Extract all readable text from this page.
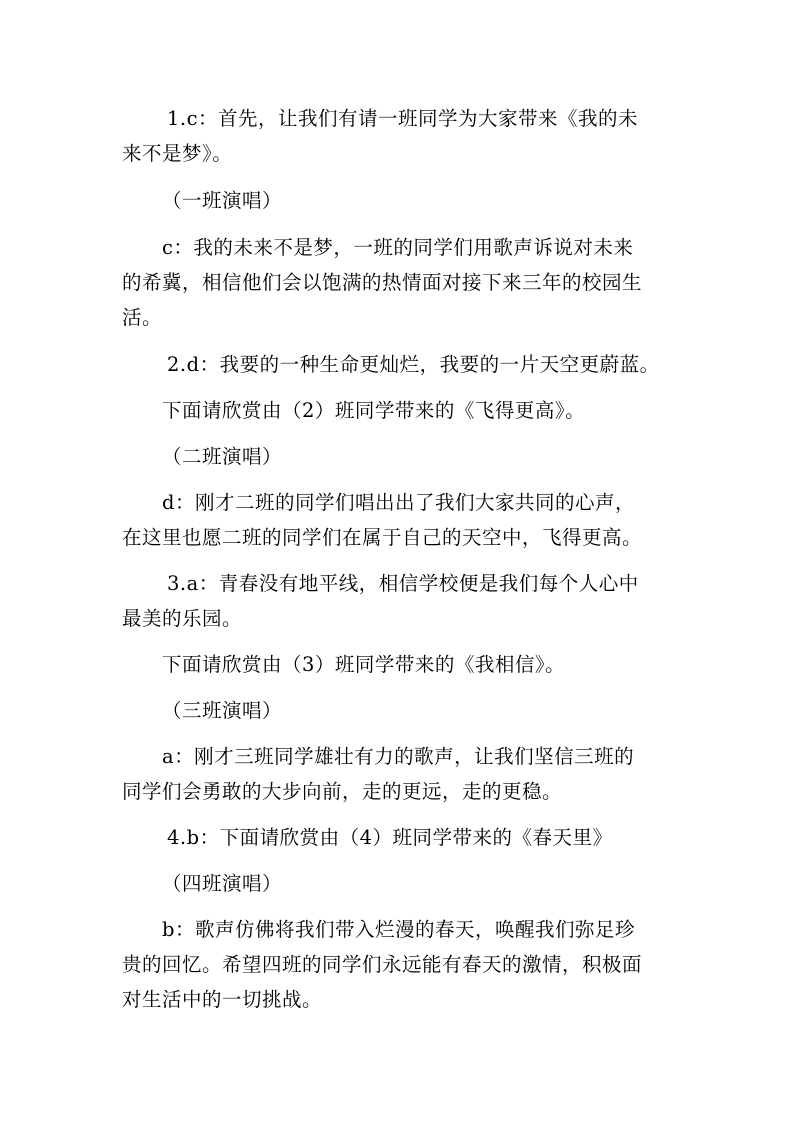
1.c：首先，让我们有请一班同学为大家带来《我的未
来不是梦》。

（一班演唱）

c：我的未来不是梦，一班的同学们用歌声诉说对未来
的希冀，相信他们会以饱满的热情面对接下来三年的校园生
活。

2.d：我要的一种生命更灿烂，我要的一片天空更蔚蓝。

下面请欣赏由（2）班同学带来的《飞得更高》。

（二班演唱）

d：刚才二班的同学们唱出出了我们大家共同的心声，
在这里也愿二班的同学们在属于自己的天空中，飞得更高。

3.a：青春没有地平线，相信学校便是我们每个人心中
最美的乐园。

下面请欣赏由（3）班同学带来的《我相信》。

（三班演唱）

a：刚才三班同学雄壮有力的歌声，让我们坚信三班的
同学们会勇敢的大步向前，走的更远，走的更稳。

4.b：下面请欣赏由（4）班同学带来的《春天里》

（四班演唱）

b：歌声仿佛将我们带入烂漫的春天，唤醒我们弥足珍
贵的回忆。希望四班的同学们永远能有春天的激情，积极面
对生活中的一切挑战。
